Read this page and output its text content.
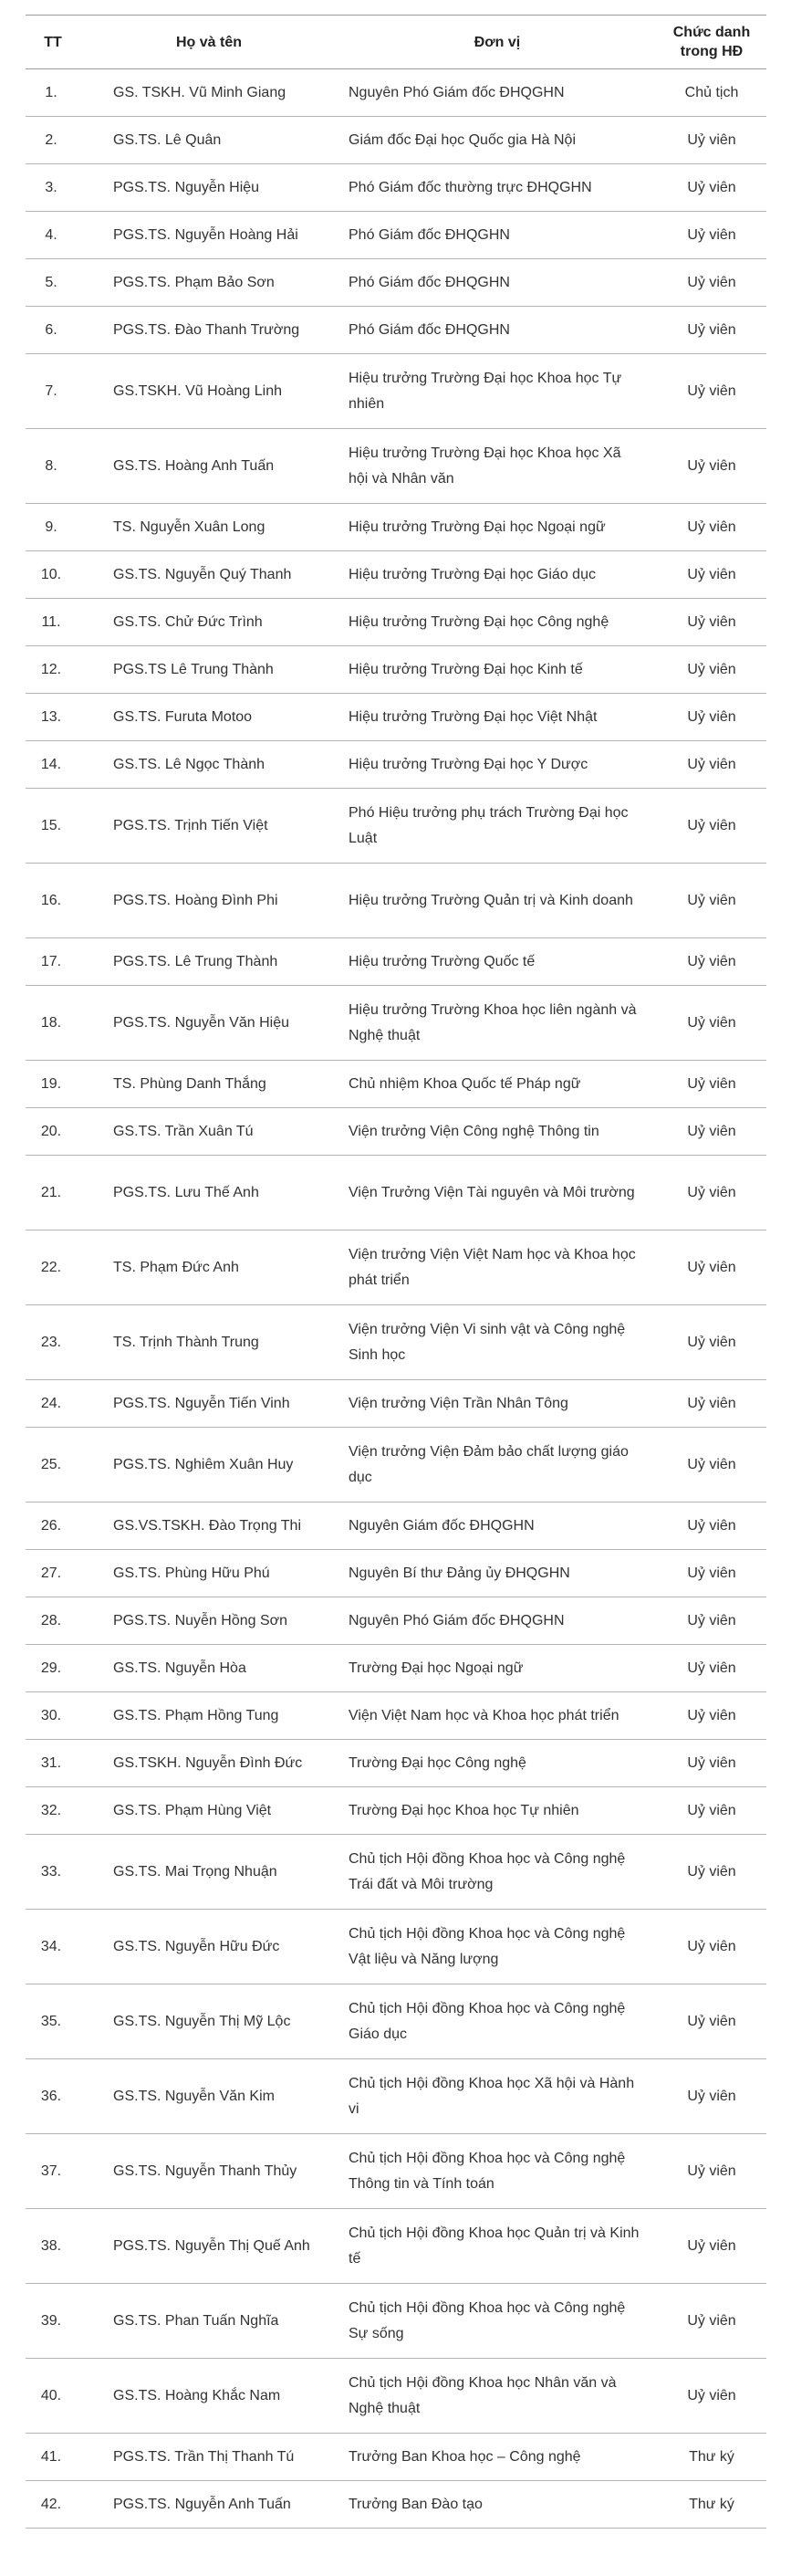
TT	Họ và tên	Đơn vị	Chức danh trong HĐ
1.	GS. TSKH. Vũ Minh Giang	Nguyên Phó Giám đốc ĐHQGHN	Chủ tịch
2.	GS.TS. Lê Quân	Giám đốc Đại học Quốc gia Hà Nội	Uỷ viên
3.	PGS.TS. Nguyễn Hiệu	Phó Giám đốc thường trực ĐHQGHN	Uỷ viên
4.	PGS.TS. Nguyễn Hoàng Hải	Phó Giám đốc ĐHQGHN	Uỷ viên
5.	PGS.TS. Phạm Bảo Sơn	Phó Giám đốc ĐHQGHN	Uỷ viên
6.	PGS.TS. Đào Thanh Trường	Phó Giám đốc ĐHQGHN	Uỷ viên
7.	GS.TSKH. Vũ Hoàng Linh	Hiệu trưởng Trường Đại học Khoa học Tự nhiên	Uỷ viên
8.	GS.TS. Hoàng Anh Tuấn	Hiệu trưởng Trường Đại học Khoa học Xã hội và Nhân văn	Uỷ viên
9.	TS. Nguyễn Xuân Long	Hiệu trưởng Trường Đại học Ngoại ngữ	Uỷ viên
10.	GS.TS. Nguyễn Quý Thanh	Hiệu trưởng Trường Đại học Giáo dục	Uỷ viên
11.	GS.TS. Chử Đức Trình	Hiệu trưởng Trường Đại học Công nghệ	Uỷ viên
12.	PGS.TS Lê Trung Thành	Hiệu trưởng Trường Đại học Kinh tế	Uỷ viên
13.	GS.TS. Furuta Motoo	Hiệu trưởng Trường Đại học Việt Nhật	Uỷ viên
14.	GS.TS. Lê Ngọc Thành	Hiệu trưởng Trường Đại học Y Dược	Uỷ viên
15.	PGS.TS. Trịnh Tiến Việt	Phó Hiệu trưởng phụ trách Trường Đại học Luật	Uỷ viên
16.	PGS.TS. Hoàng Đình Phi	Hiệu trưởng Trường Quản trị và Kinh doanh	Uỷ viên
17.	PGS.TS. Lê Trung Thành	Hiệu trưởng Trường Quốc tế	Uỷ viên
18.	PGS.TS. Nguyễn Văn Hiệu	Hiệu trưởng Trường Khoa học liên ngành và Nghệ thuật	Uỷ viên
19.	TS. Phùng Danh Thắng	Chủ nhiệm Khoa Quốc tế Pháp ngữ	Uỷ viên
20.	GS.TS. Trần Xuân Tú	Viện trưởng Viện Công nghệ Thông tin	Uỷ viên
21.	PGS.TS. Lưu Thế Anh	Viện Trưởng Viện Tài nguyên và Môi trường	Uỷ viên
22.	TS. Phạm Đức Anh	Viện trưởng Viện Việt Nam học và Khoa học phát triển	Uỷ viên
23.	TS. Trịnh Thành Trung	Viện trưởng Viện Vi sinh vật và Công nghệ Sinh học	Uỷ viên
24.	PGS.TS. Nguyễn Tiến Vinh	Viện trưởng Viện Trần Nhân Tông	Uỷ viên
25.	PGS.TS. Nghiêm Xuân Huy	Viện trưởng Viện Đảm bảo chất lượng giáo dục	Uỷ viên
26.	GS.VS.TSKH. Đào Trọng Thi	Nguyên Giám đốc ĐHQGHN	Uỷ viên
27.	GS.TS. Phùng Hữu Phú	Nguyên Bí thư Đảng ủy ĐHQGHN	Uỷ viên
28.	PGS.TS. Nuyễn Hồng Sơn	Nguyên Phó Giám đốc ĐHQGHN	Uỷ viên
29.	GS.TS. Nguyễn Hòa	Trường Đại học Ngoại ngữ	Uỷ viên
30.	GS.TS. Phạm Hồng Tung	Viện Việt Nam học và Khoa học phát triển	Uỷ viên
31.	GS.TSKH. Nguyễn Đình Đức	Trường Đại học Công nghệ	Uỷ viên
32.	GS.TS. Phạm Hùng Việt	Trường Đại học Khoa học Tự nhiên	Uỷ viên
33.	GS.TS. Mai Trọng Nhuận	Chủ tịch Hội đồng Khoa học và Công nghệ Trái đất và Môi trường	Uỷ viên
34.	GS.TS. Nguyễn Hữu Đức	Chủ tịch Hội đồng Khoa học và Công nghệ Vật liệu và Năng lượng	Uỷ viên
35.	GS.TS. Nguyễn Thị Mỹ Lộc	Chủ tịch Hội đồng Khoa học và Công nghệ Giáo dục	Uỷ viên
36.	GS.TS. Nguyễn Văn Kim	Chủ tịch Hội đồng Khoa học Xã hội và Hành vi	Uỷ viên
37.	GS.TS. Nguyễn Thanh Thủy	Chủ tịch Hội đồng Khoa học và Công nghệ Thông tin và Tính toán	Uỷ viên
38.	PGS.TS. Nguyễn Thị Quế Anh	Chủ tịch Hội đồng Khoa học Quản trị và Kinh tế	Uỷ viên
39.	GS.TS. Phan Tuấn Nghĩa	Chủ tịch Hội đồng Khoa học và Công nghệ Sự sống	Uỷ viên
40.	GS.TS. Hoàng Khắc Nam	Chủ tịch Hội đồng Khoa học Nhân văn và Nghệ thuật	Uỷ viên
41.	PGS.TS. Trần Thị Thanh Tú	Trưởng Ban Khoa học – Công nghệ	Thư ký
42.	PGS.TS. Nguyễn Anh Tuấn	Trưởng Ban Đào tạo	Thư ký
